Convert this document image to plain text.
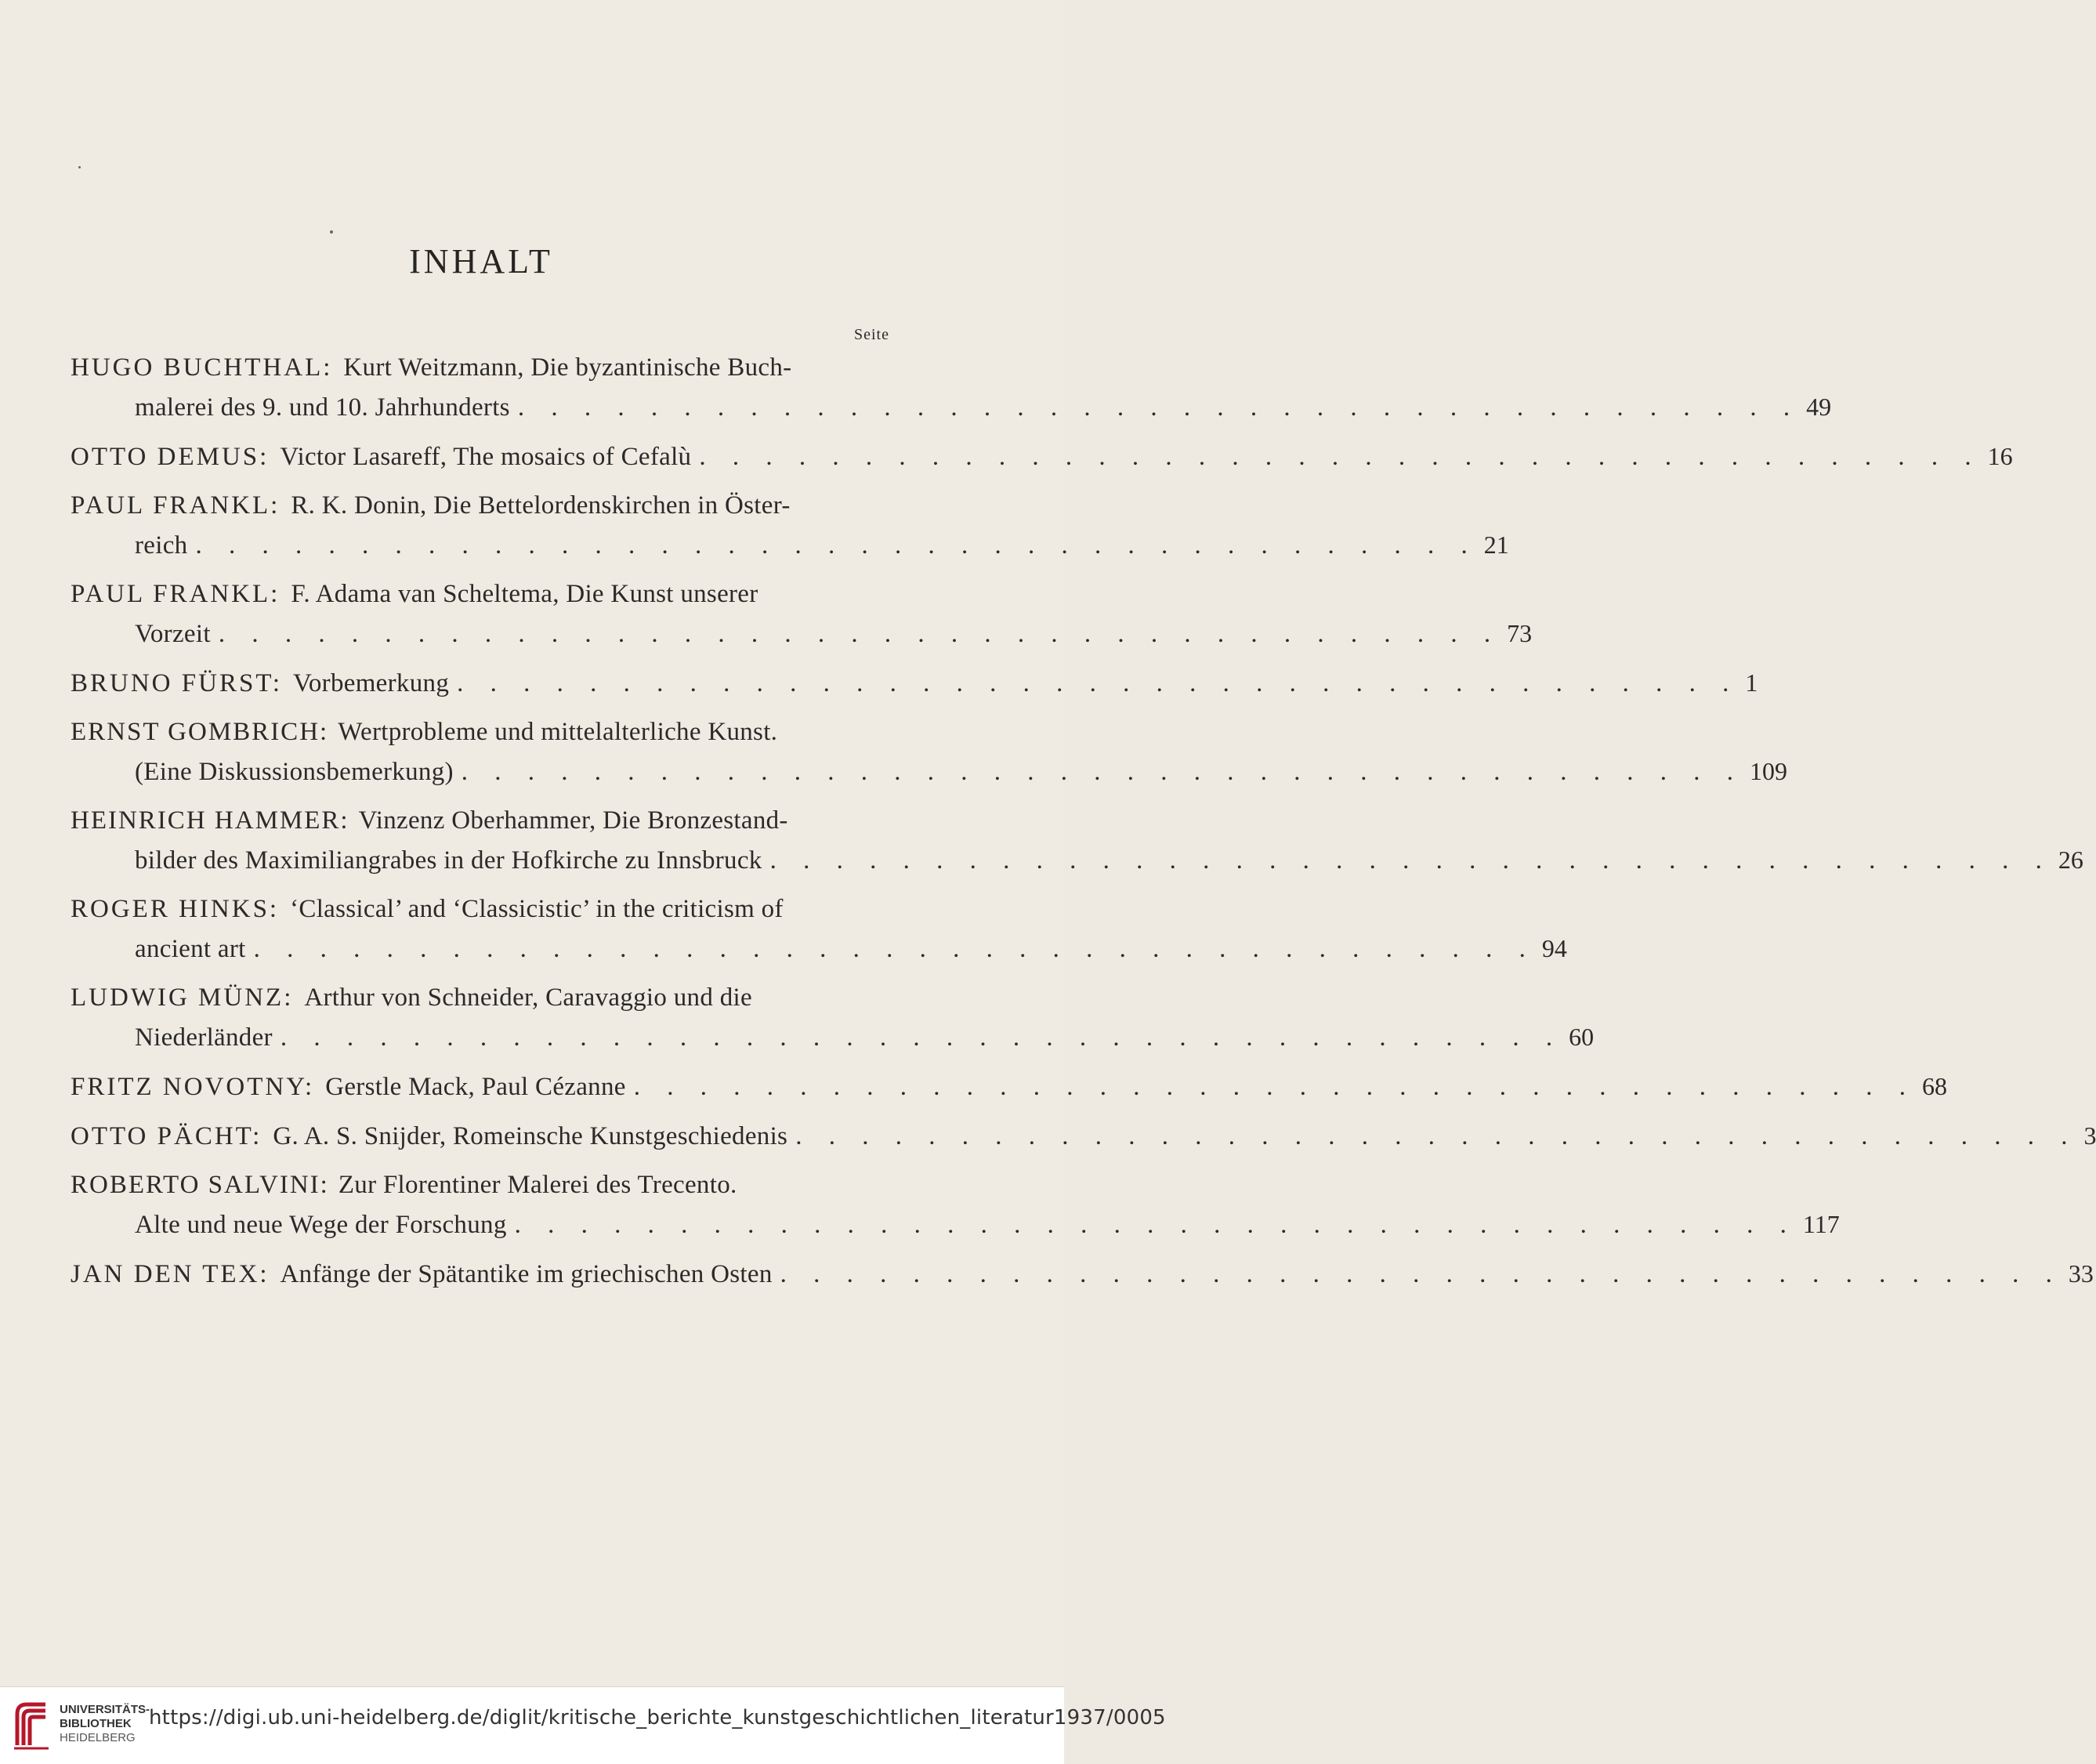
INHALT
Seite
HUGO BUCHTHAL: Kurt Weitzmann, Die byzantinische Buch-
malerei des 9. und 10. Jahrhunderts . . . . . . . . . . . . . . . . . . . . . . . . . . . . . . . . . . . . . . . 49
OTTO DEMUS: Victor Lasareff, The mosaics of Cefalù . . . . . . . . . . . . . . . . . . . . . . . . . . . . . . . . . . . . . . . 16
PAUL FRANKL: R. K. Donin, Die Bettelordenskirchen in Öster-
reich . . . . . . . . . . . . . . . . . . . . . . . . . . . . . . . . . . . . . . . 21
PAUL FRANKL: F. Adama van Scheltema, Die Kunst unserer
Vorzeit . . . . . . . . . . . . . . . . . . . . . . . . . . . . . . . . . . . . . . . 73
BRUNO FÜRST: Vorbemerkung . . . . . . . . . . . . . . . . . . . . . . . . . . . . . . . . . . . . . . . 1
ERNST GOMBRICH: Wertprobleme und mittelalterliche Kunst.
(Eine Diskussionsbemerkung) . . . . . . . . . . . . . . . . . . . . . . . . . . . . . . . . . . . . . . . 109
HEINRICH HAMMER: Vinzenz Oberhammer, Die Bronzestand-
bilder des Maximiliangrabes in der Hofkirche zu Innsbruck . . . . . . . . . . . . . . . . . . . . . . . . . . . . . . . . . . . . . . . 26
ROGER HINKS: ‘Classical’ and ‘Classicistic’ in the criticism of
ancient art . . . . . . . . . . . . . . . . . . . . . . . . . . . . . . . . . . . . . . . 94
LUDWIG MÜNZ: Arthur von Schneider, Caravaggio und die
Niederländer . . . . . . . . . . . . . . . . . . . . . . . . . . . . . . . . . . . . . . . 60
FRITZ NOVOTNY: Gerstle Mack, Paul Cézanne . . . . . . . . . . . . . . . . . . . . . . . . . . . . . . . . . . . . . . . 68
OTTO PÄCHT: G. A. S. Snijder, Romeinsche Kunstgeschiedenis . . . . . . . . . . . . . . . . . . . . . . . . . . . . . . . . . . . . . . . 3
ROBERTO SALVINI: Zur Florentiner Malerei des Trecento.
Alte und neue Wege der Forschung . . . . . . . . . . . . . . . . . . . . . . . . . . . . . . . . . . . . . . . 117
JAN DEN TEX: Anfänge der Spätantike im griechischen Osten . . . . . . . . . . . . . . . . . . . . . . . . . . . . . . . . . . . . . . . 33
UNIVERSITÄTS-
BIBLIOTHEK
HEIDELBERG
https://digi.ub.uni-heidelberg.de/diglit/kritische_berichte_kunstgeschichtlichen_literatur1937/0005
